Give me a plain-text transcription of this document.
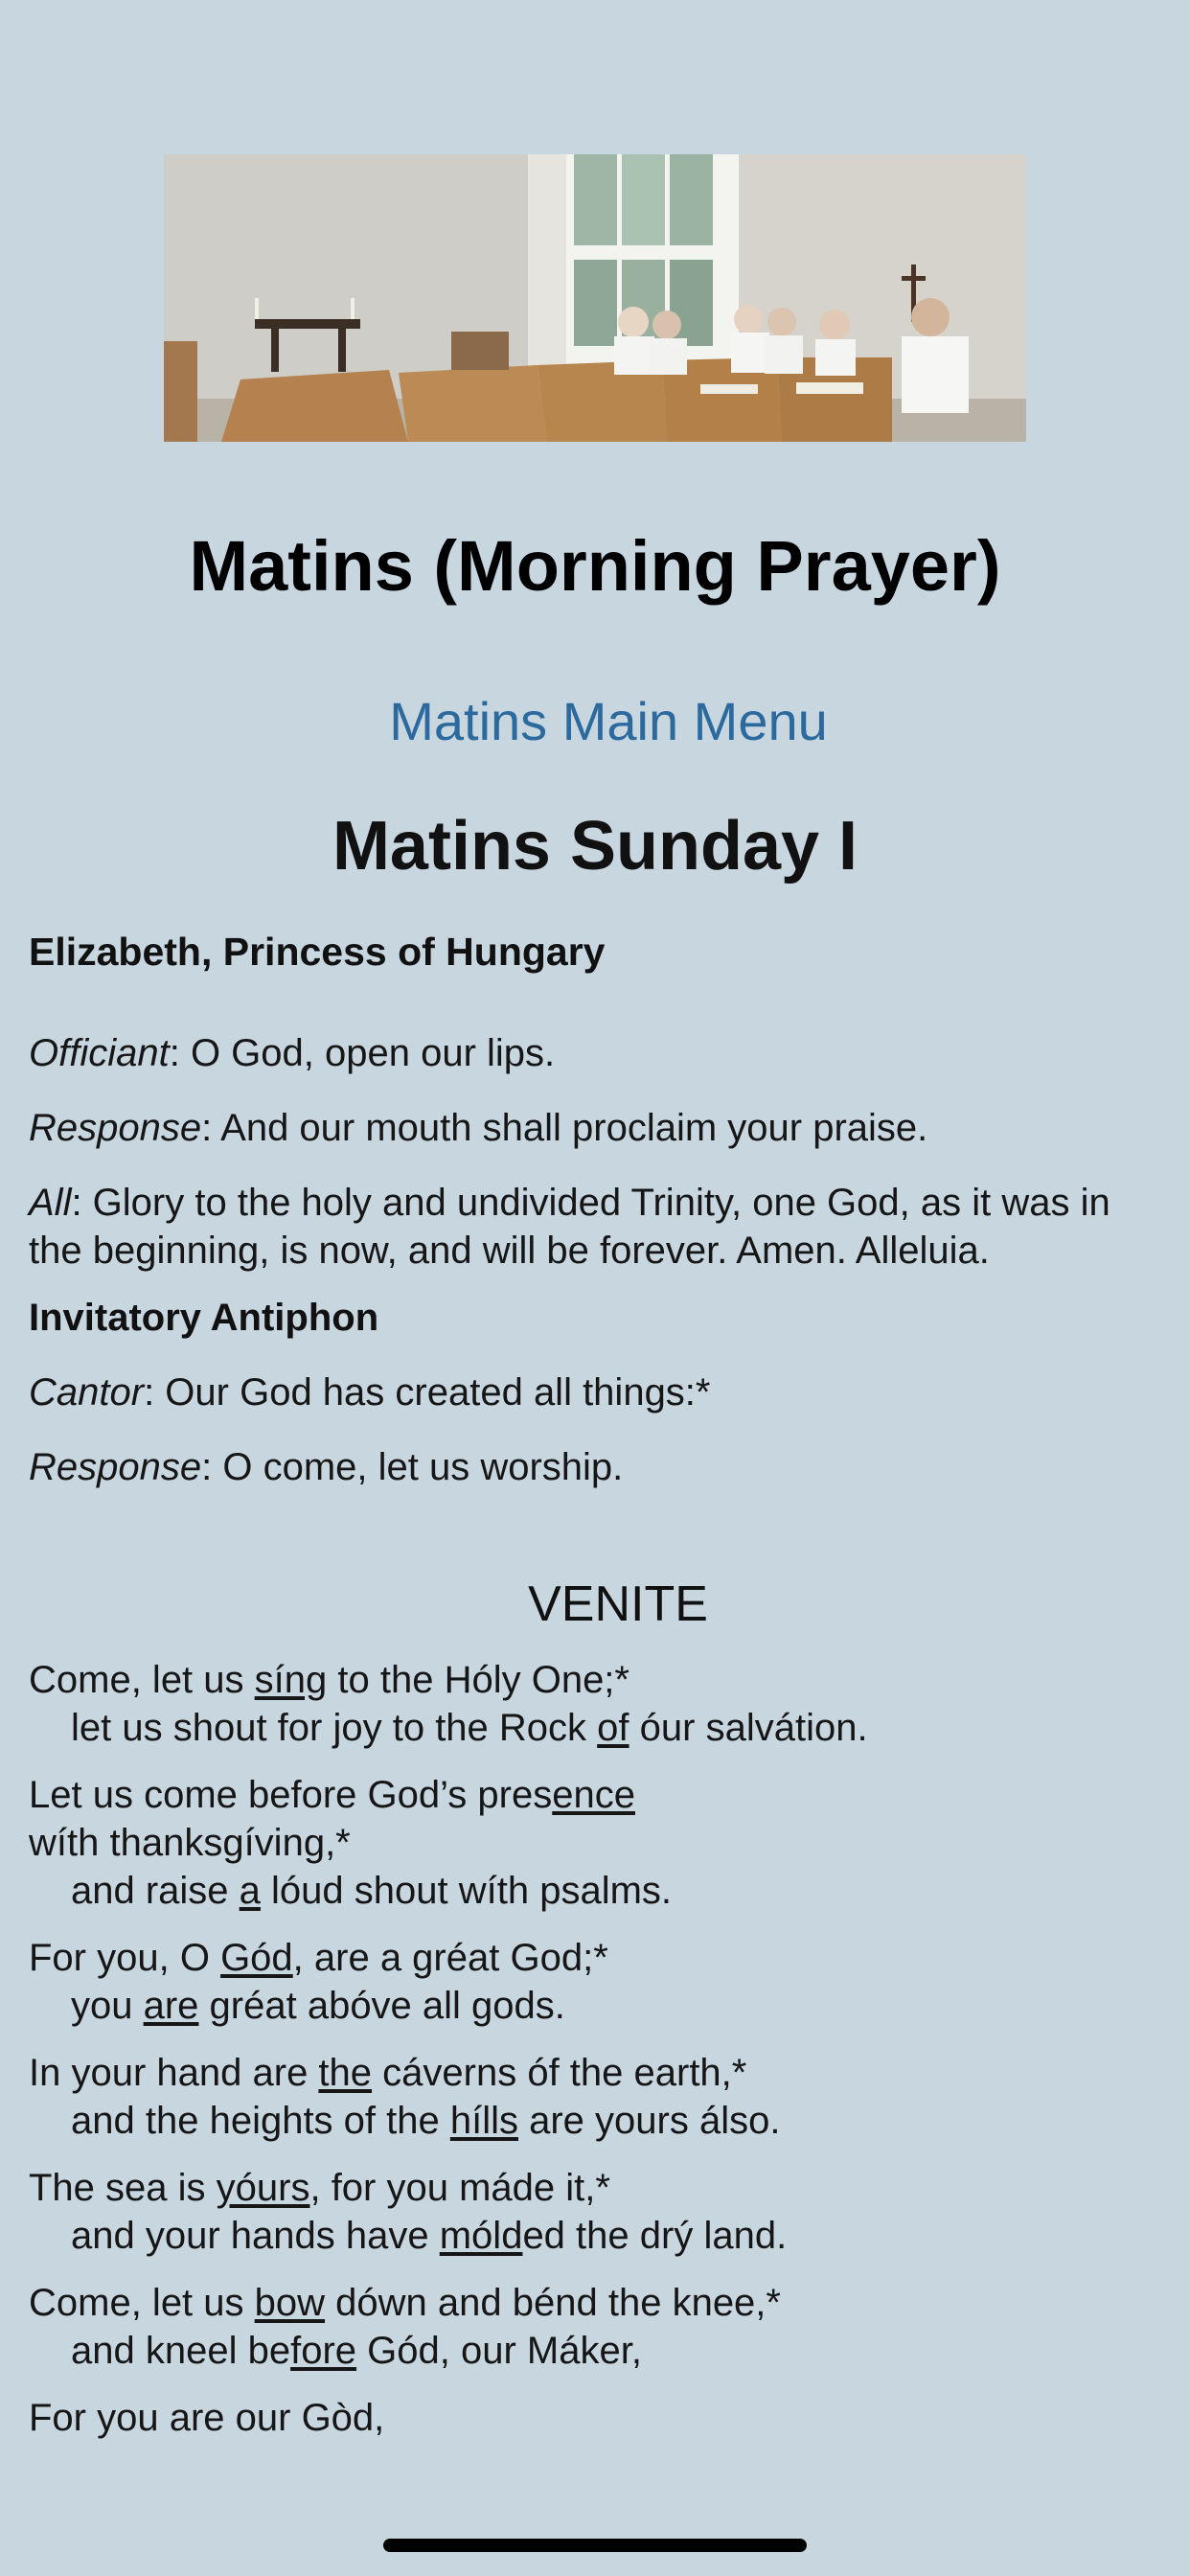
Matins (Morning Prayer)
Matins Main Menu
Matins Sunday I

Elizabeth, Princess of Hungary

Officiant: O God, open our lips.

Response: And our mouth shall proclaim your praise.

All: Glory to the holy and undivided Trinity, one God, as it was in the beginning, is now, and will be forever. Amen. Alleluia.

Invitatory Antiphon

Cantor: Our God has created all things:*

Response: O come, let us worship.

VENITE

Come, let us síng to the Hóly One;*
let us shout for joy to the Rock of óur salvátion.
Let us come before God’s presence
wíth thanksgíving,*
and raise a lóud shout wíth psalms.
For you, O Gód, are a gréat God;*
you are gréat abóve all gods.
In your hand are the cáverns óf the earth,*
and the heights of the hílls are yours álso.
The sea is yóurs, for you máde it,*
and your hands have mólded the drý land.
Come, let us bow dówn and bénd the knee,*
and kneel before Gód, our Máker,
For you are our Gòd,
